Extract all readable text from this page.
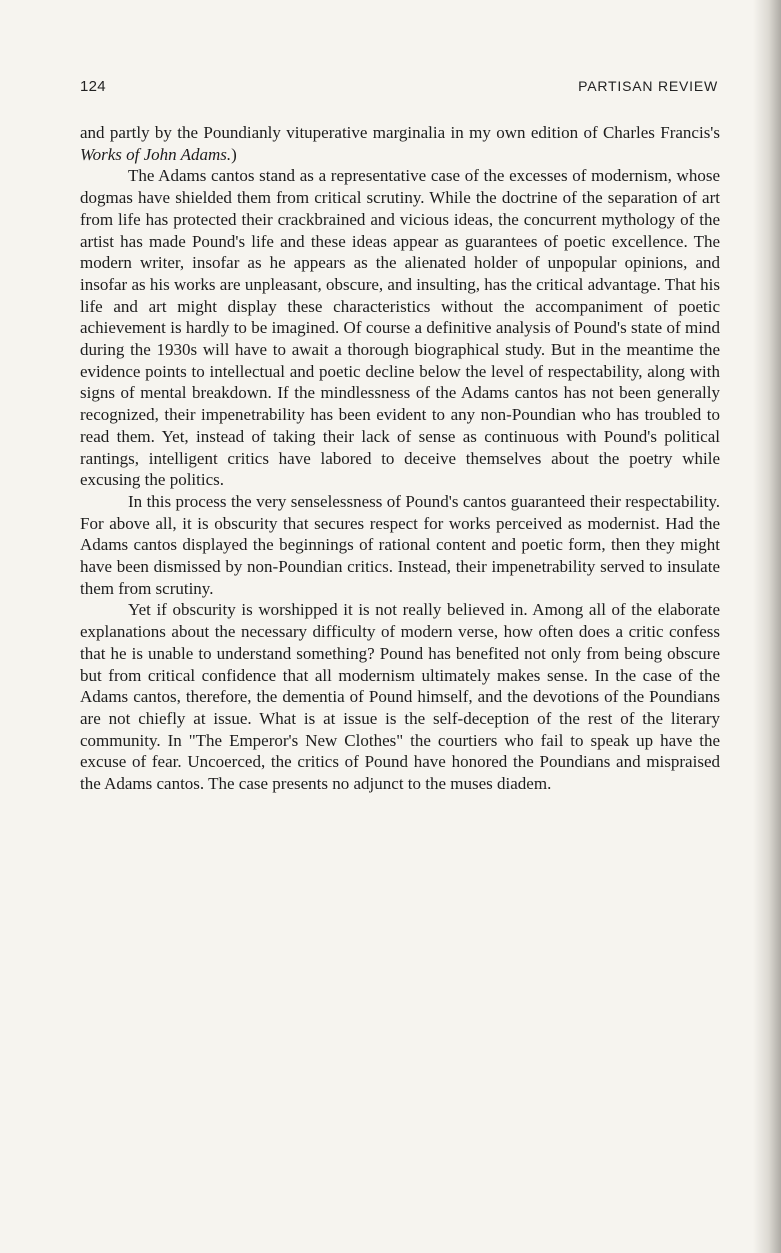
124	PARTISAN REVIEW

and partly by the Poundianly vituperative marginalia in my own edition of Charles Francis's Works of John Adams.)

The Adams cantos stand as a representative case of the excesses of modernism, whose dogmas have shielded them from critical scrutiny. While the doctrine of the separation of art from life has protected their crackbrained and vicious ideas, the concurrent mythology of the artist has made Pound's life and these ideas appear as guarantees of poetic excellence. The modern writer, insofar as he appears as the alienated holder of unpopular opinions, and insofar as his works are unpleasant, obscure, and insulting, has the critical advantage. That his life and art might display these characteristics without the accompaniment of poetic achievement is hardly to be imagined. Of course a definitive analysis of Pound's state of mind during the 1930s will have to await a thorough biographical study. But in the meantime the evidence points to intellectual and poetic decline below the level of respectability, along with signs of mental breakdown. If the mindlessness of the Adams cantos has not been generally recognized, their impenetrability has been evident to any non-Poundian who has troubled to read them. Yet, instead of taking their lack of sense as continuous with Pound's political rantings, intelligent critics have labored to deceive themselves about the poetry while excusing the politics.

In this process the very senselessness of Pound's cantos guaranteed their respectability. For above all, it is obscurity that secures respect for works perceived as modernist. Had the Adams cantos displayed the beginnings of rational content and poetic form, then they might have been dismissed by non-Poundian critics. Instead, their impenetrability served to insulate them from scrutiny.

Yet if obscurity is worshipped it is not really believed in. Among all of the elaborate explanations about the necessary difficulty of modern verse, how often does a critic confess that he is unable to understand something? Pound has benefited not only from being obscure but from critical confidence that all modernism ultimately makes sense. In the case of the Adams cantos, therefore, the dementia of Pound himself, and the devotions of the Poundians are not chiefly at issue. What is at issue is the self-deception of the rest of the literary community. In "The Emperor's New Clothes" the courtiers who fail to speak up have the excuse of fear. Uncoerced, the critics of Pound have honored the Poundians and mispraised the Adams cantos. The case presents no adjunct to the muses diadem.
